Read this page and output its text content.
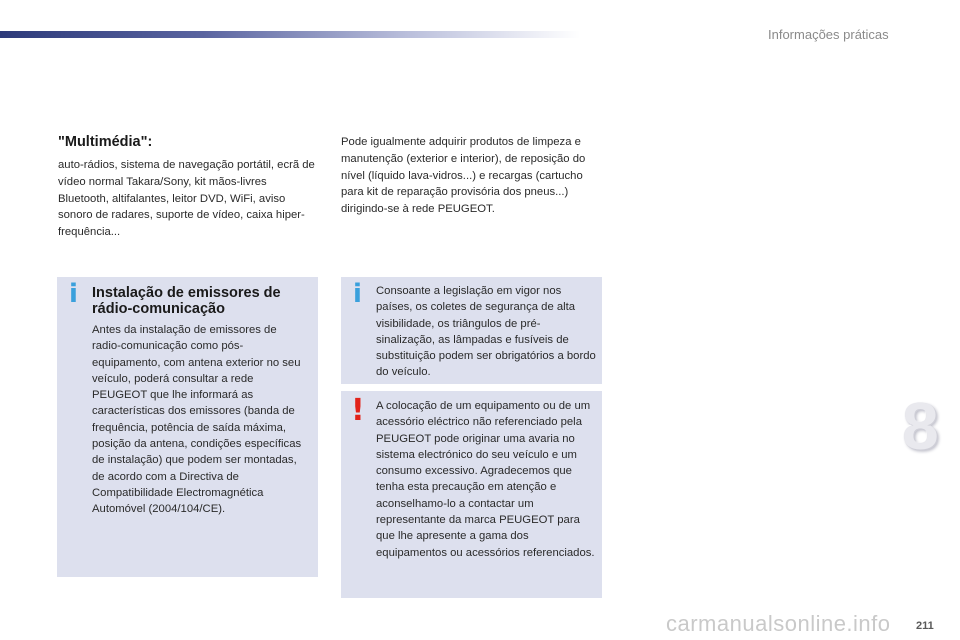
Informações práticas
"Multimédia":

auto-rádios, sistema de navegação portátil, ecrã de vídeo normal Takara/Sony, kit mãos-livres Bluetooth, altifalantes, leitor DVD, WiFi, aviso sonoro de radares, suporte de vídeo, caixa hiper-frequência...

Pode igualmente adquirir produtos de limpeza e manutenção (exterior e interior), de reposição do nível (líquido lava-vidros...) e recargas (cartucho para kit de reparação provisória dos pneus...) dirigindo-se à rede PEUGEOT.

i Instalação de emissores de rádio-comunicação

Antes da instalação de emissores de radio-comunicação como pós-equipamento, com antena exterior no seu veículo, poderá consultar a rede PEUGEOT que lhe informará as características dos emissores (banda de frequência, potência de saída máxima, posição da antena, condições específicas de instalação) que podem ser montadas, de acordo com a Directiva de Compatibilidade Electromagnética Automóvel (2004/104/CE).

i Consoante a legislação em vigor nos países, os coletes de segurança de alta visibilidade, os triângulos de pré-sinalização, as lâmpadas e fusíveis de substituição podem ser obrigatórios a bordo do veículo.

! A colocação de um equipamento ou de um acessório eléctrico não referenciado pela PEUGEOT pode originar uma avaria no sistema electrónico do seu veículo e um consumo excessivo. Agradecemos que tenha esta precaução em atenção e aconselhamo-lo a contactar um representante da marca PEUGEOT para que lhe apresente a gama dos equipamentos ou acessórios referenciados.

8
carmanualsonline.info 211
